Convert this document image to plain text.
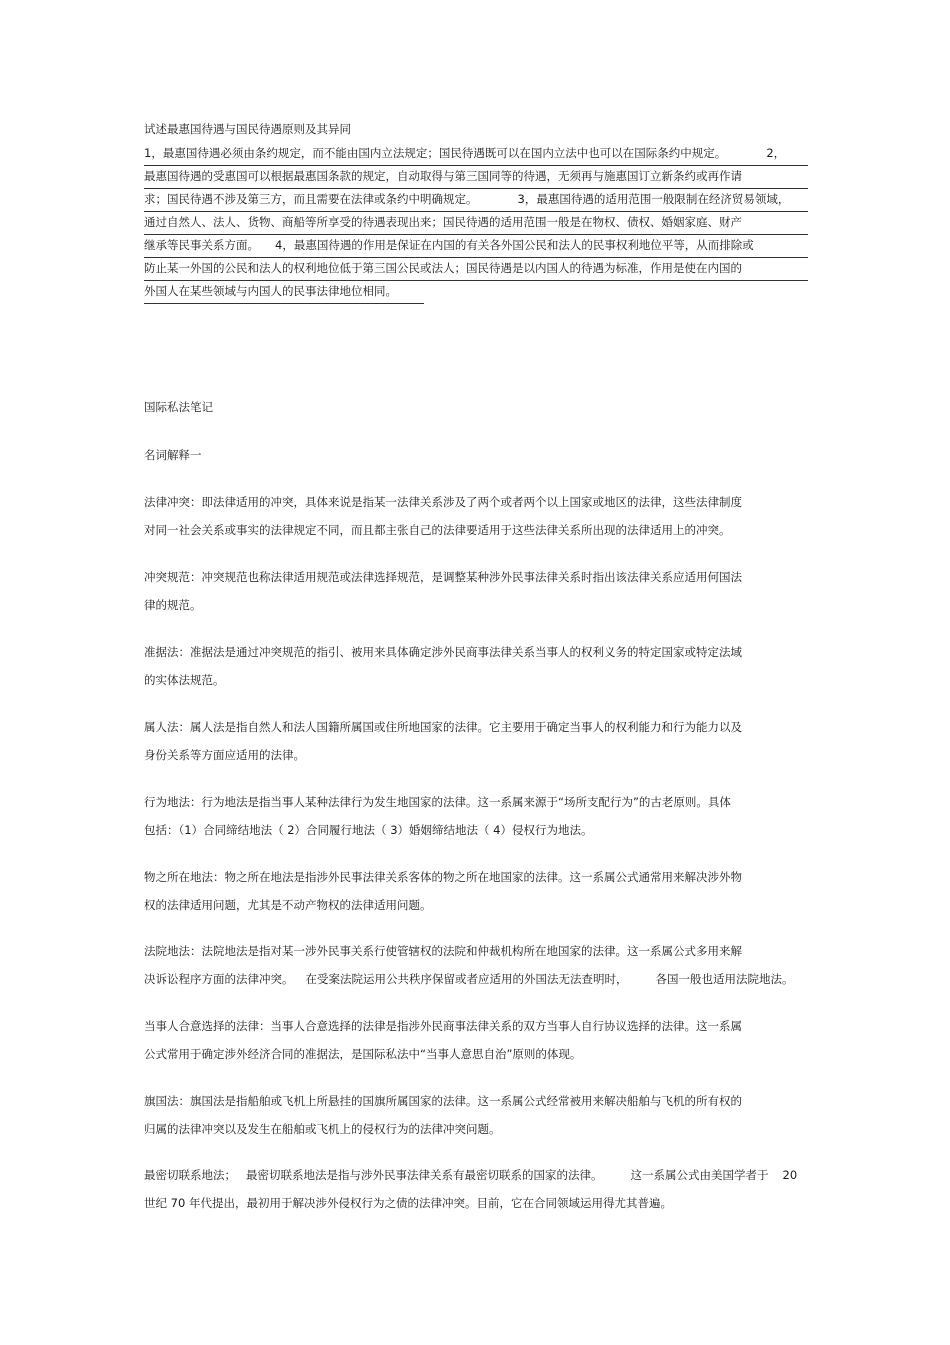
试述最惠国待遇与国民待遇原则及其异同
1，最惠国待遇必须由条约规定，而不能由国内立法规定；国民待遇既可以在国内立法中也可以在国际条约中规定。	2，
最惠国待遇的受惠国可以根据最惠国条款的规定，自动取得与第三国同等的待遇，无须再与施惠国订立新条约或再作请
求；国民待遇不涉及第三方，而且需要在法律或条约中明确规定。	3，最惠国待遇的适用范围一般限制在经济贸易领域，
通过自然人、法人、货物、商船等所享受的待遇表现出来；国民待遇的适用范围一般是在物权、债权、婚姻家庭、财产
继承等民事关系方面。 4，最惠国待遇的作用是保证在内国的有关各外国公民和法人的民事权利地位平等，从而排除或
防止某一外国的公民和法人的权利地位低于第三国公民或法人；国民待遇是以内国人的待遇为标准，作用是使在内国的
外国人在某些领域与内国人的民事法律地位相同。
国际私法笔记
名词解释一

法律冲突：即法律适用的冲突，具体来说是指某一法律关系涉及了两个或者两个以上国家或地区的法律，这些法律制度

对同一社会关系或事实的法律规定不同，而且都主张自己的法律要适用于这些法律关系所出现的法律适用上的冲突。

冲突规范：冲突规范也称法律适用规范或法律选择规范，是调整某种涉外民事法律关系时指出该法律关系应适用何国法

律的规范。

准据法：准据法是通过冲突规范的指引、被用来具体确定涉外民商事法律关系当事人的权利义务的特定国家或特定法域

的实体法规范。

属人法：属人法是指自然人和法人国籍所属国或住所地国家的法律。它主要用于确定当事人的权利能力和行为能力以及

身份关系等方面应适用的法律。

行为地法：行为地法是指当事人某种法律行为发生地国家的法律。这一系属来源于“场所支配行为”的古老原则。具体

包括：（1）合同缔结地法（ 2）合同履行地法（ 3）婚姻缔结地法（ 4）侵权行为地法。

物之所在地法：物之所在地法是指涉外民事法律关系客体的物之所在地国家的法律。这一系属公式通常用来解决涉外物

权的法律适用问题，尤其是不动产物权的法律适用问题。

法院地法：法院地法是指对某一涉外民事关系行使管辖权的法院和仲裁机构所在地国家的法律。这一系属公式多用来解

决诉讼程序方面的法律冲突。 在受案法院运用公共秩序保留或者应适用的外国法无法查明时， 各国一般也适用法院地法。

当事人合意选择的法律：当事人合意选择的法律是指涉外民商事法律关系的双方当事人自行协议选择的法律。这一系属

公式常用于确定涉外经济合同的准据法，是国际私法中“当事人意思自治”原则的体现。

旗国法：旗国法是指船舶或飞机上所悬挂的国旗所属国家的法律。这一系属公式经常被用来解决船舶与飞机的所有权的

归属的法律冲突以及发生在船舶或飞机上的侵权行为的法律冲突问题。

最密切联系地法； 最密切联系地法是指与涉外民事法律关系有最密切联系的国家的法律。 这一系属公式由美国学者于 20

世纪 70 年代提出，最初用于解决涉外侵权行为之债的法律冲突。目前，它在合同领域运用得尤其普遍。
